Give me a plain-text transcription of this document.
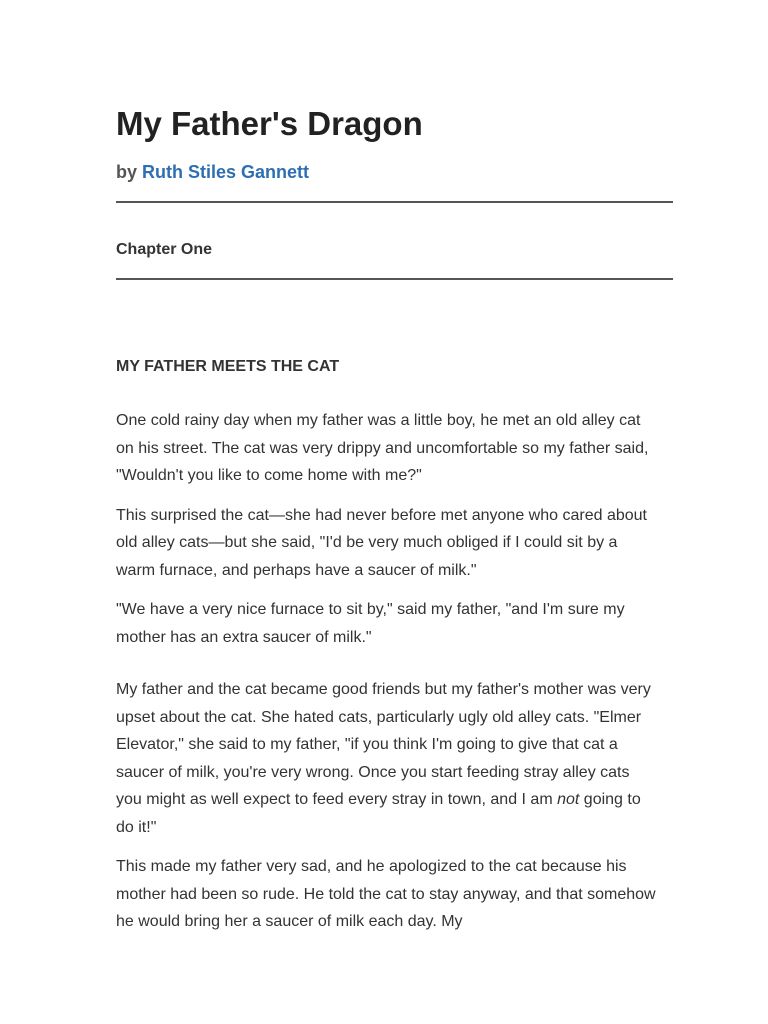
My Father's Dragon

by Ruth Stiles Gannett

Chapter One
MY FATHER MEETS THE CAT

One cold rainy day when my father was a little boy, he met an old alley cat on his street. The cat was very drippy and uncomfortable so my father said, "Wouldn't you like to come home with me?"

This surprised the cat—she had never before met anyone who cared about old alley cats—but she said, "I'd be very much obliged if I could sit by a warm furnace, and perhaps have a saucer of milk."

"We have a very nice furnace to sit by," said my father, "and I'm sure my mother has an extra saucer of milk."

My father and the cat became good friends but my father's mother was very upset about the cat. She hated cats, particularly ugly old alley cats. "Elmer Elevator," she said to my father, "if you think I'm going to give that cat a saucer of milk, you're very wrong. Once you start feeding stray alley cats you might as well expect to feed every stray in town, and I am not going to do it!"

This made my father very sad, and he apologized to the cat because his mother had been so rude. He told the cat to stay anyway, and that somehow he would bring her a saucer of milk each day. My
